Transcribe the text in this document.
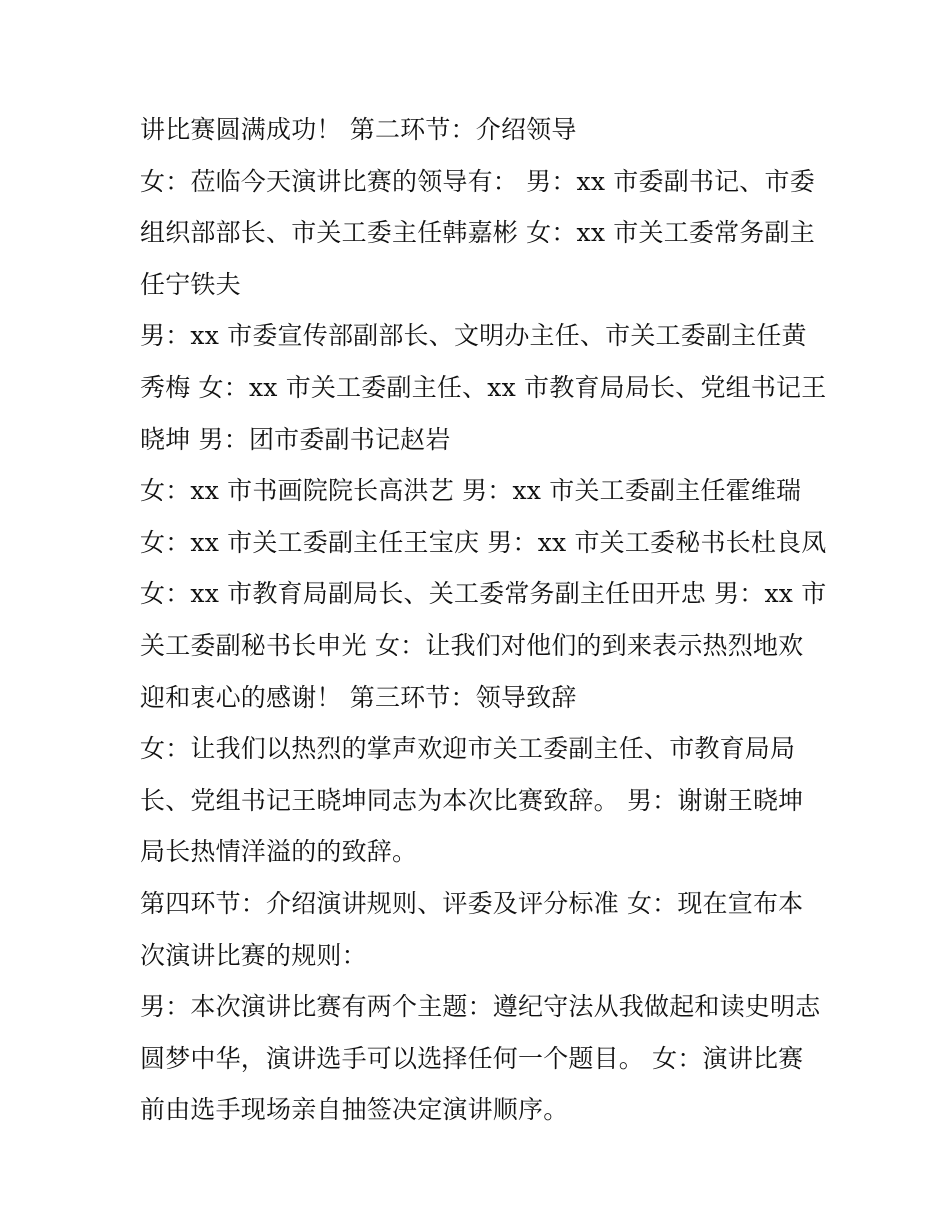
讲比赛圆满成功！ 第二环节：介绍领导
女：莅临今天演讲比赛的领导有： 男：xx 市委副书记、市委
组织部部长、市关工委主任韩嘉彬 女：xx 市关工委常务副主
任宁铁夫
男：xx 市委宣传部副部长、文明办主任、市关工委副主任黄
秀梅 女：xx 市关工委副主任、xx 市教育局局长、党组书记王
晓坤 男：团市委副书记赵岩
女：xx 市书画院院长高洪艺 男：xx 市关工委副主任霍维瑞
女：xx 市关工委副主任王宝庆 男：xx 市关工委秘书长杜良凤
女：xx 市教育局副局长、关工委常务副主任田开忠 男：xx 市
关工委副秘书长申光 女：让我们对他们的到来表示热烈地欢
迎和衷心的感谢！ 第三环节：领导致辞
女：让我们以热烈的掌声欢迎市关工委副主任、市教育局局
长、党组书记王晓坤同志为本次比赛致辞。 男：谢谢王晓坤
局长热情洋溢的的致辞。
第四环节：介绍演讲规则、评委及评分标准 女：现在宣布本
次演讲比赛的规则：
男：本次演讲比赛有两个主题：遵纪守法从我做起和读史明志
圆梦中华，演讲选手可以选择任何一个题目。 女：演讲比赛
前由选手现场亲自抽签决定演讲顺序。
